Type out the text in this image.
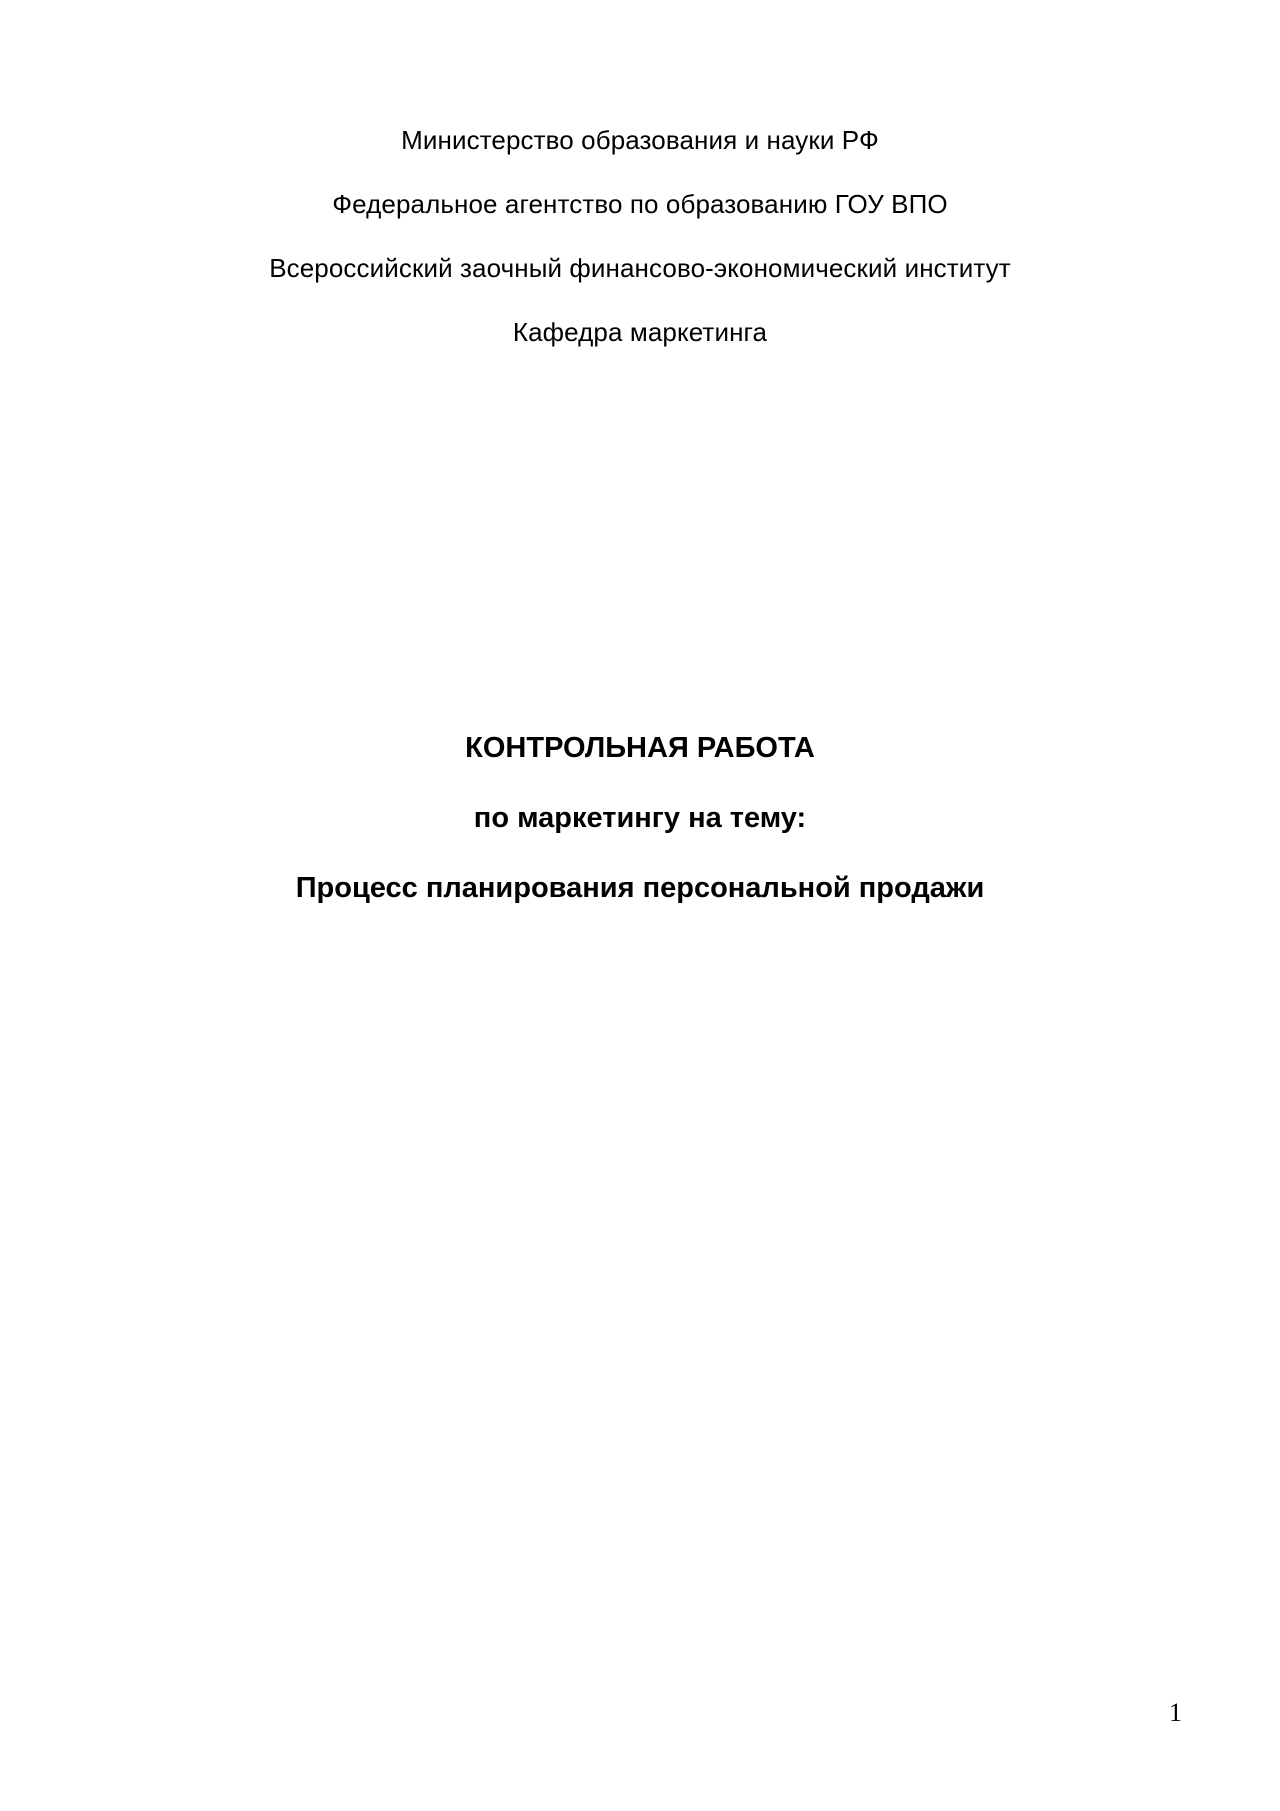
Министерство образования и науки РФ
Федеральное агентство по образованию ГОУ ВПО
Всероссийский заочный финансово-экономический институт
Кафедра маркетинга
КОНТРОЛЬНАЯ РАБОТА
по маркетингу на тему:
Процесс планирования персональной продажи
1
